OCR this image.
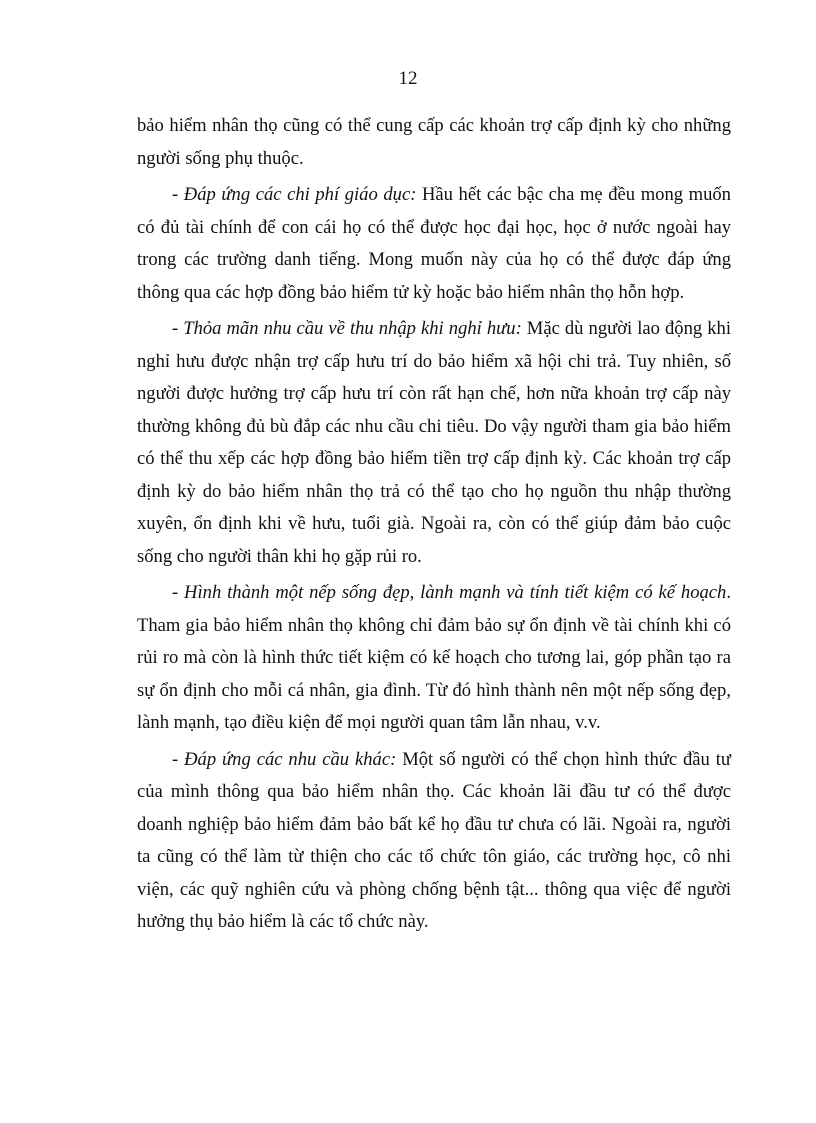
12

bảo hiểm nhân thọ cũng có thể cung cấp các khoản trợ cấp định kỳ cho những người sống phụ thuộc.

- Đáp ứng các chi phí giáo dục: Hầu hết các bậc cha mẹ đều mong muốn có đủ tài chính để con cái họ có thể được học đại học, học ở nước ngoài hay trong các trường danh tiếng. Mong muốn này của họ có thể được đáp ứng thông qua các hợp đồng bảo hiểm tử kỳ hoặc bảo hiểm nhân thọ hỗn hợp.

- Thỏa mãn nhu cầu về thu nhập khi nghỉ hưu: Mặc dù người lao động khi nghỉ hưu được nhận trợ cấp hưu trí do bảo hiểm xã hội chi trả. Tuy nhiên, số người được hưởng trợ cấp hưu trí còn rất hạn chế, hơn nữa khoản trợ cấp này thường không đủ bù đắp các nhu cầu chi tiêu. Do vậy người tham gia bảo hiểm có thể thu xếp các hợp đồng bảo hiểm tiền trợ cấp định kỳ. Các khoản trợ cấp định kỳ do bảo hiểm nhân thọ trả có thể tạo cho họ nguồn thu nhập thường xuyên, ổn định khi về hưu, tuổi già. Ngoài ra, còn có thể giúp đảm bảo cuộc sống cho người thân khi họ gặp rủi ro.

- Hình thành một nếp sống đẹp, lành mạnh và tính tiết kiệm có kế hoạch. Tham gia bảo hiểm nhân thọ không chỉ đảm bảo sự ổn định về tài chính khi có rủi ro mà còn là hình thức tiết kiệm có kế hoạch cho tương lai, góp phần tạo ra sự ổn định cho mỗi cá nhân, gia đình. Từ đó hình thành nên một nếp sống đẹp, lành mạnh, tạo điều kiện để mọi người quan tâm lẫn nhau, v.v.

- Đáp ứng các nhu cầu khác: Một số người có thể chọn hình thức đầu tư của mình thông qua bảo hiểm nhân thọ. Các khoản lãi đầu tư có thể được doanh nghiệp bảo hiểm đảm bảo bất kể họ đầu tư chưa có lãi. Ngoài ra, người ta cũng có thể làm từ thiện cho các tổ chức tôn giáo, các trường học, cô nhi viện, các quỹ nghiên cứu và phòng chống bệnh tật... thông qua việc để người hưởng thụ bảo hiểm là các tổ chức này.
